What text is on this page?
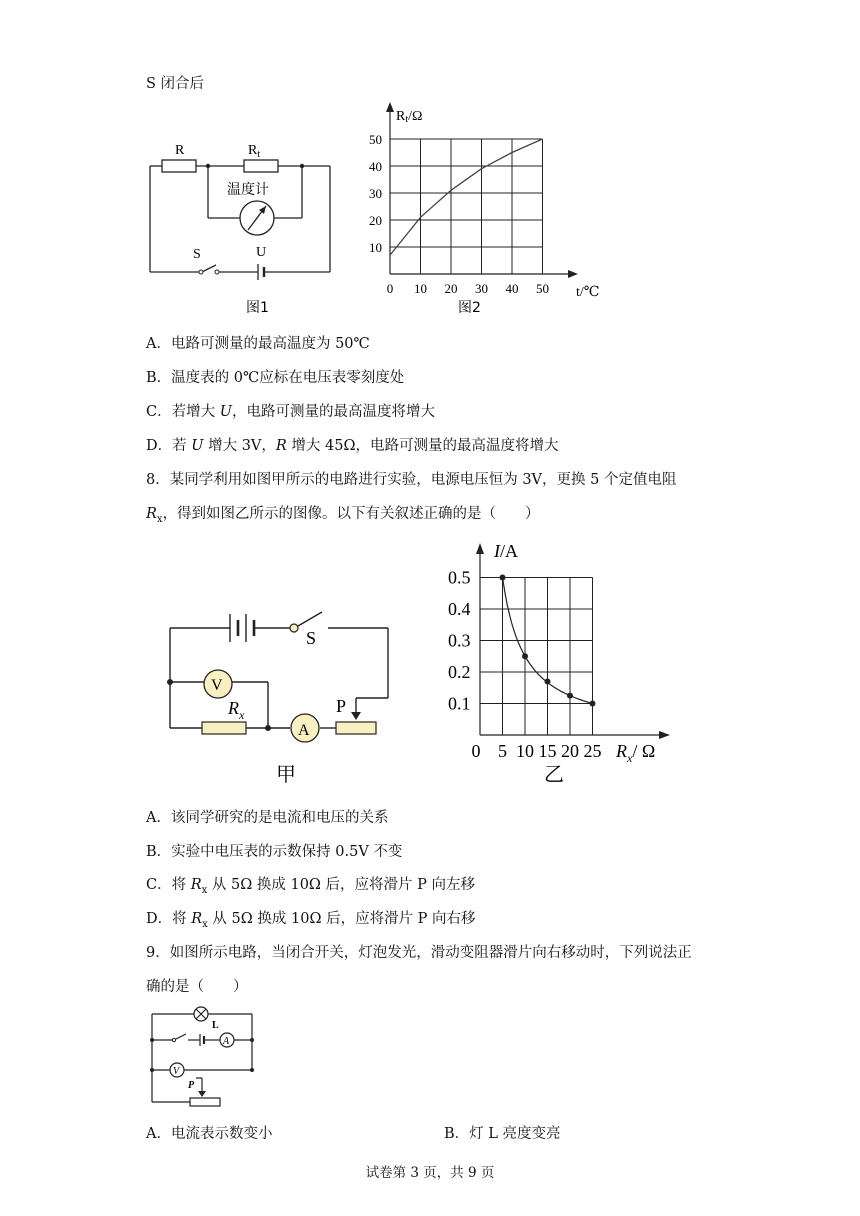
S 闭合后
R	$R_t$
温度计
S	U
图1
10
20
30
40
50
0 10 20 30 40 50
Rt/Ω
t/℃
图2
A．电路可测量的最高温度为 50℃
B．温度表的 0℃应标在电压表零刻度处
C．若增大 U，电路可测量的最高温度将增大
D．若 U 增大 3V，R 增大 45Ω，电路可测量的最高温度将增大
8．某同学利用如图甲所示的电路进行实验，电源电压恒为 3V，更换 5 个定值电阻
$R_x$，得到如图乙所示的图像。以下有关叙述正确的是（　　）
S
V
A
$R_x$	P
甲
0.1
0.2
0.3
0.4
0.5
0 5 10 15 20 25
I/A
$R_x/$ Ω
乙
A．该同学研究的是电流和电压的关系
B．实验中电压表的示数保持 0.5V 不变
C．将 $R_x$ 从 5Ω 换成 10Ω 后，应将滑片 P 向左移
D．将 $R_x$ 从 5Ω 换成 10Ω 后，应将滑片 P 向右移
9．如图所示电路，当闭合开关，灯泡发光，滑动变阻器滑片向右移动时，下列说法正
确的是（　　）
L
A
V
P
A．电流表示数变小	B．灯 L 亮度变亮
试卷第 3 页，共 9 页
